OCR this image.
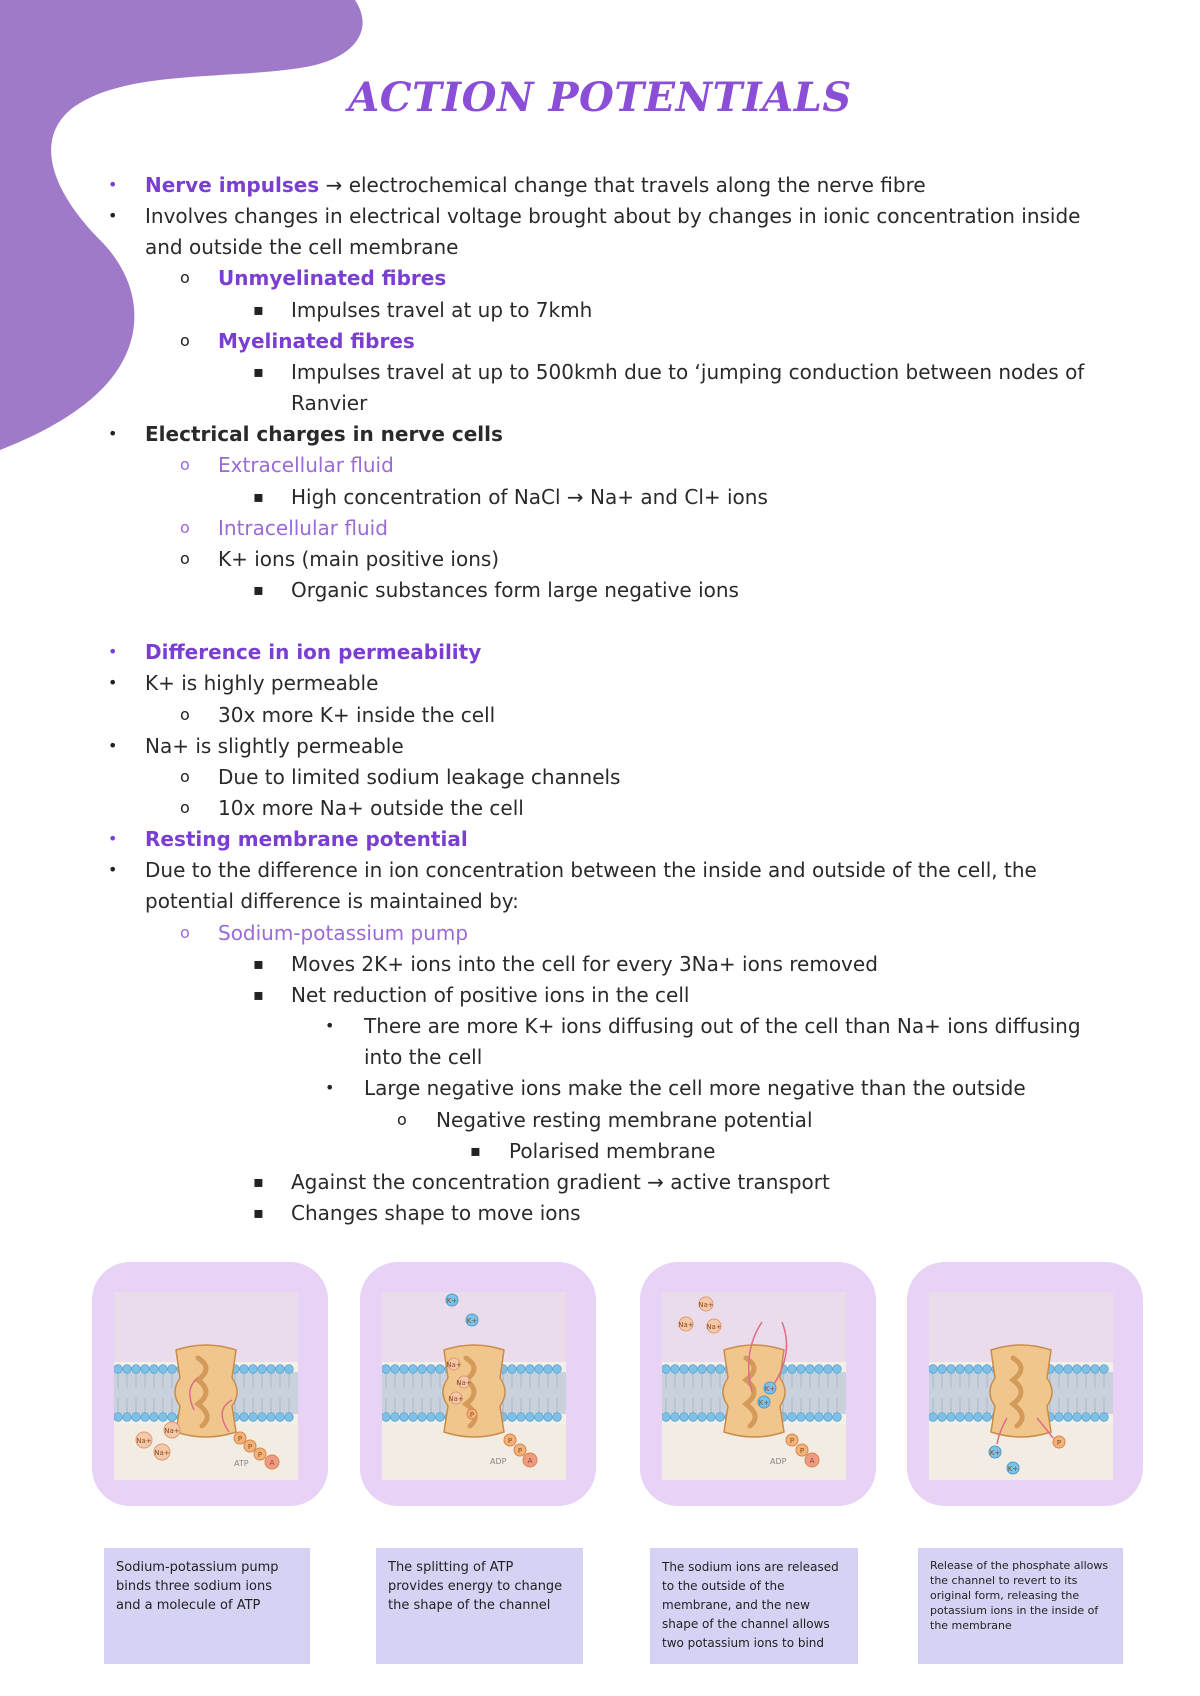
ACTION POTENTIALS
• Nerve impulses → electrochemical change that travels along the nerve fibre
• Involves changes in electrical voltage brought about by changes in ionic concentration inside
and outside the cell membrane
o Unmyelinated fibres
▪ Impulses travel at up to 7kmh
o Myelinated fibres
▪ Impulses travel at up to 500kmh due to ‘jumping conduction between nodes of
Ranvier
• Electrical charges in nerve cells
o Extracellular fluid
▪ High concentration of NaCl → Na+ and Cl+ ions
o Intracellular fluid
o K+ ions (main positive ions)
▪ Organic substances form large negative ions
• Difference in ion permeability
• K+ is highly permeable
o 30x more K+ inside the cell
• Na+ is slightly permeable
o Due to limited sodium leakage channels
o 10x more Na+ outside the cell
• Resting membrane potential
• Due to the difference in ion concentration between the inside and outside of the cell, the
potential difference is maintained by:
o Sodium-potassium pump
▪ Moves 2K+ ions into the cell for every 3Na+ ions removed
▪ Net reduction of positive ions in the cell
• There are more K+ ions diffusing out of the cell than Na+ ions diffusing
into the cell
• Large negative ions make the cell more negative than the outside
o Negative resting membrane potential
▪ Polarised membrane
▪ Against the concentration gradient → active transport
▪ Changes shape to move ions
Na+
Na+
Na+
P
P
P
A
ATP
Sodium-potassium pump binds three sodium ions and a molecule of ATP
K+
K+
Na+
Na+
Na+
P
P
P
A
ADP
The splitting of ATP provides energy to change the shape of the channel
Na+
Na+ Na+
K+
K+
P
P
A
ADP
The sodium ions are released to the outside of the membrane, and the new shape of the channel allows two potassium ions to bind
K+
K+
P
Release of the phosphate allows the channel to revert to its original form, releasing the potassium ions in the inside of the membrane
